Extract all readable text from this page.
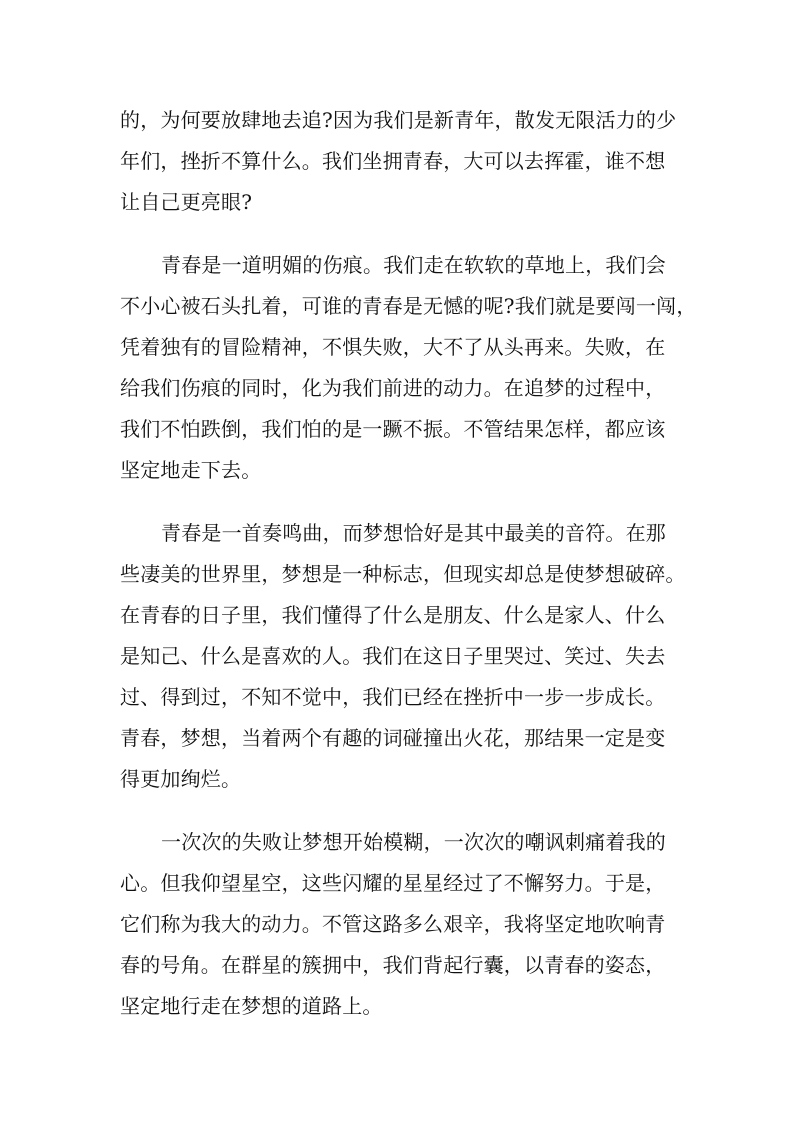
的，为何要放肆地去追?因为我们是新青年，散发无限活力的少
年们，挫折不算什么。我们坐拥青春，大可以去挥霍，谁不想
让自己更亮眼?
青春是一道明媚的伤痕。我们走在软软的草地上，我们会
不小心被石头扎着，可谁的青春是无憾的呢?我们就是要闯一闯，
凭着独有的冒险精神，不惧失败，大不了从头再来。失败，在
给我们伤痕的同时，化为我们前进的动力。在追梦的过程中，
我们不怕跌倒，我们怕的是一蹶不振。不管结果怎样，都应该
坚定地走下去。
青春是一首奏鸣曲，而梦想恰好是其中最美的音符。在那
些凄美的世界里，梦想是一种标志，但现实却总是使梦想破碎。
在青春的日子里，我们懂得了什么是朋友、什么是家人、什么
是知己、什么是喜欢的人。我们在这日子里哭过、笑过、失去
过、得到过，不知不觉中，我们已经在挫折中一步一步成长。
青春，梦想，当着两个有趣的词碰撞出火花，那结果一定是变
得更加绚烂。
一次次的失败让梦想开始模糊，一次次的嘲讽刺痛着我的
心。但我仰望星空，这些闪耀的星星经过了不懈努力。于是，
它们称为我大的动力。不管这路多么艰辛，我将坚定地吹响青
春的号角。在群星的簇拥中，我们背起行囊，以青春的姿态，
坚定地行走在梦想的道路上。
